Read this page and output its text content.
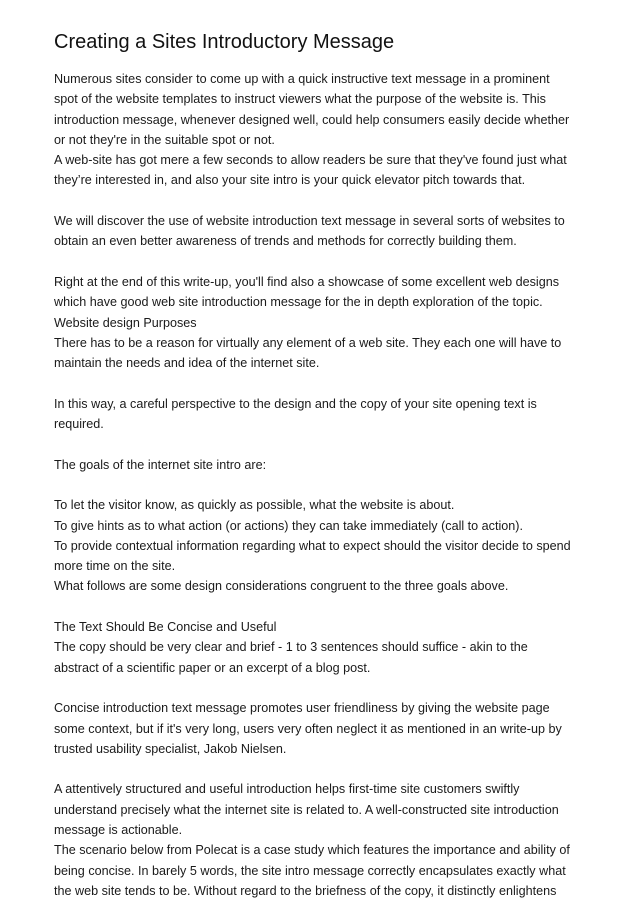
Creating a Sites Introductory Message
Numerous sites consider to come up with a quick instructive text message in a prominent
spot of the website templates to instruct viewers what the purpose of the website is. This
introduction message, whenever designed well, could help consumers easily decide whether
or not they're in the suitable spot or not.
A web-site has got mere a few seconds to allow readers be sure that they've found just what
they’re interested in, and also your site intro is your quick elevator pitch towards that.
We will discover the use of website introduction text message in several sorts of websites to
obtain an even better awareness of trends and methods for correctly building them.
Right at the end of this write-up, you'll find also a showcase of some excellent web designs
which have good web site introduction message for the in depth exploration of the topic.
Website design Purposes
There has to be a reason for virtually any element of a web site. They each one will have to
maintain the needs and idea of the internet site.
In this way, a careful perspective to the design and the copy of your site opening text is
required.
The goals of the internet site intro are:
To let the visitor know, as quickly as possible, what the website is about.
To give hints as to what action (or actions) they can take immediately (call to action).
To provide contextual information regarding what to expect should the visitor decide to spend
more time on the site.
What follows are some design considerations congruent to the three goals above.
The Text Should Be Concise and Useful
The copy should be very clear and brief - 1 to 3 sentences should suffice - akin to the
abstract of a scientific paper or an excerpt of a blog post.
Concise introduction text message promotes user friendliness by giving the website page
some context, but if it's very long, users very often neglect it as mentioned in an write-up by
trusted usability specialist, Jakob Nielsen.
A attentively structured and useful introduction helps first-time site customers swiftly
understand precisely what the internet site is related to. A well-constructed site introduction
message is actionable.
The scenario below from Polecat is a case study which features the importance and ability of
being concise. In barely 5 words, the site intro message correctly encapsulates exactly what
the web site tends to be. Without regard to the briefness of the copy, it distinctly enlightens
